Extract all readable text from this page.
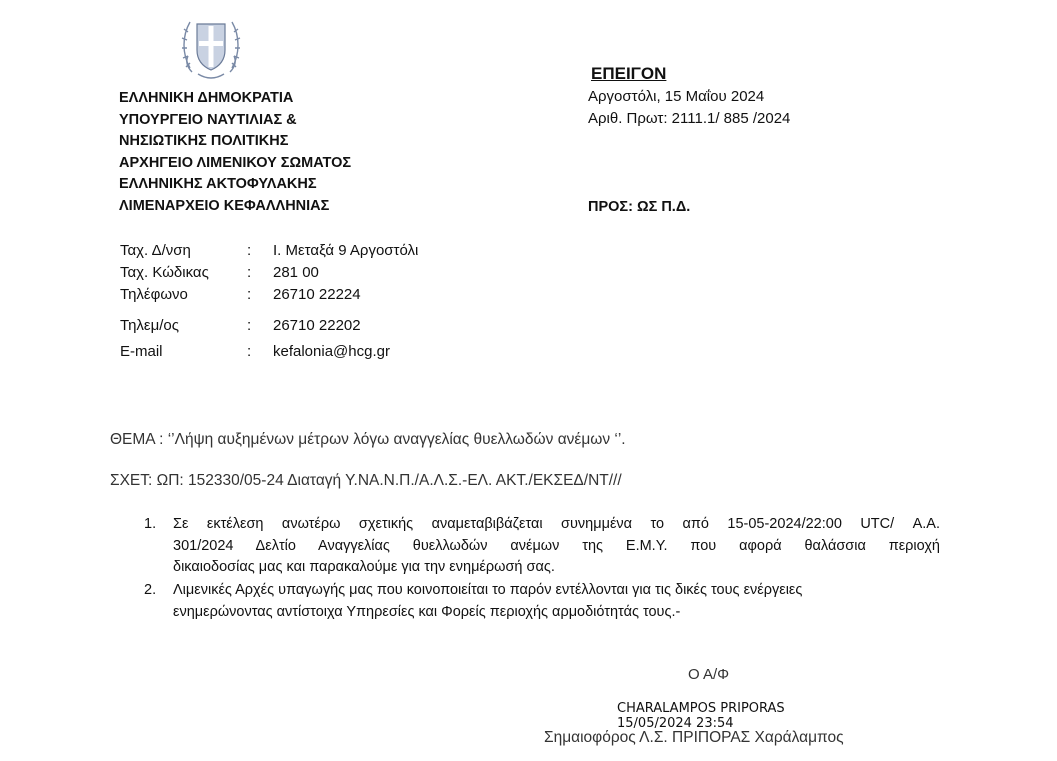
ΕΛΛΗΝΙΚΗ ΔΗΜΟΚΡΑΤΙΑ
ΥΠΟΥΡΓΕΙΟ ΝΑΥΤΙΛΙΑΣ &
ΝΗΣΙΩΤΙΚΗΣ ΠΟΛΙΤΙΚΗΣ
ΑΡΧΗΓΕΙΟ ΛΙΜΕΝΙΚΟΥ ΣΩΜΑΤΟΣ
ΕΛΛΗΝΙΚΗΣ ΑΚΤΟΦΥΛΑΚΗΣ
ΛΙΜΕΝΑΡΧΕΙΟ ΚΕΦΑΛΛΗΝΙΑΣ
ΕΠΕΙΓΟΝ
Αργοστόλι, 15 Μαΐου 2024
Αριθ. Πρωτ: 2111.1/ 885 /2024
ΠΡΟΣ: ΩΣ Π.Δ.
Ταχ. Δ/νση	: Ι. Μεταξά 9 Αργοστόλι
Ταχ. Κώδικας	: 281 00
Τηλέφωνο	: 26710 22224
Τηλεμ/ος	: 26710 22202
E-mail	: kefalonia@hcg.gr
ΘΕΜΑ : ‘’Λήψη αυξημένων μέτρων λόγω αναγγελίας θυελλωδών ανέμων ‘’.
ΣΧΕΤ: ΩΠ: 152330/05-24 Διαταγή Υ.ΝΑ.Ν.Π./Α.Λ.Σ.-ΕΛ. ΑΚΤ./ΕΚΣΕΔ/ΝΤ///
1. Σε εκτέλεση ανωτέρω σχετικής αναμεταβιβάζεται συνημμένα το από 15-05-2024/22:00 UTC/ Α.Α.
301/2024 Δελτίο Αναγγελίας θυελλωδών ανέμων της Ε.Μ.Υ. που αφορά θαλάσσια περιοχή
δικαιοδοσίας μας και παρακαλούμε για την ενημέρωσή σας.
2. Λιμενικές Αρχές υπαγωγής μας που κοινοποιείται το παρόν εντέλλονται για τις δικές τους ενέργειες
ενημερώνοντας αντίστοιχα Υπηρεσίες και Φορείς περιοχής αρμοδιότητάς τους.-
Ο Α/Φ
CHARALAMPOS PRIPORAS
15/05/2024 23:54
Σημαιοφόρος Λ.Σ. ΠΡΙΠΟΡΑΣ Χαράλαμπος
